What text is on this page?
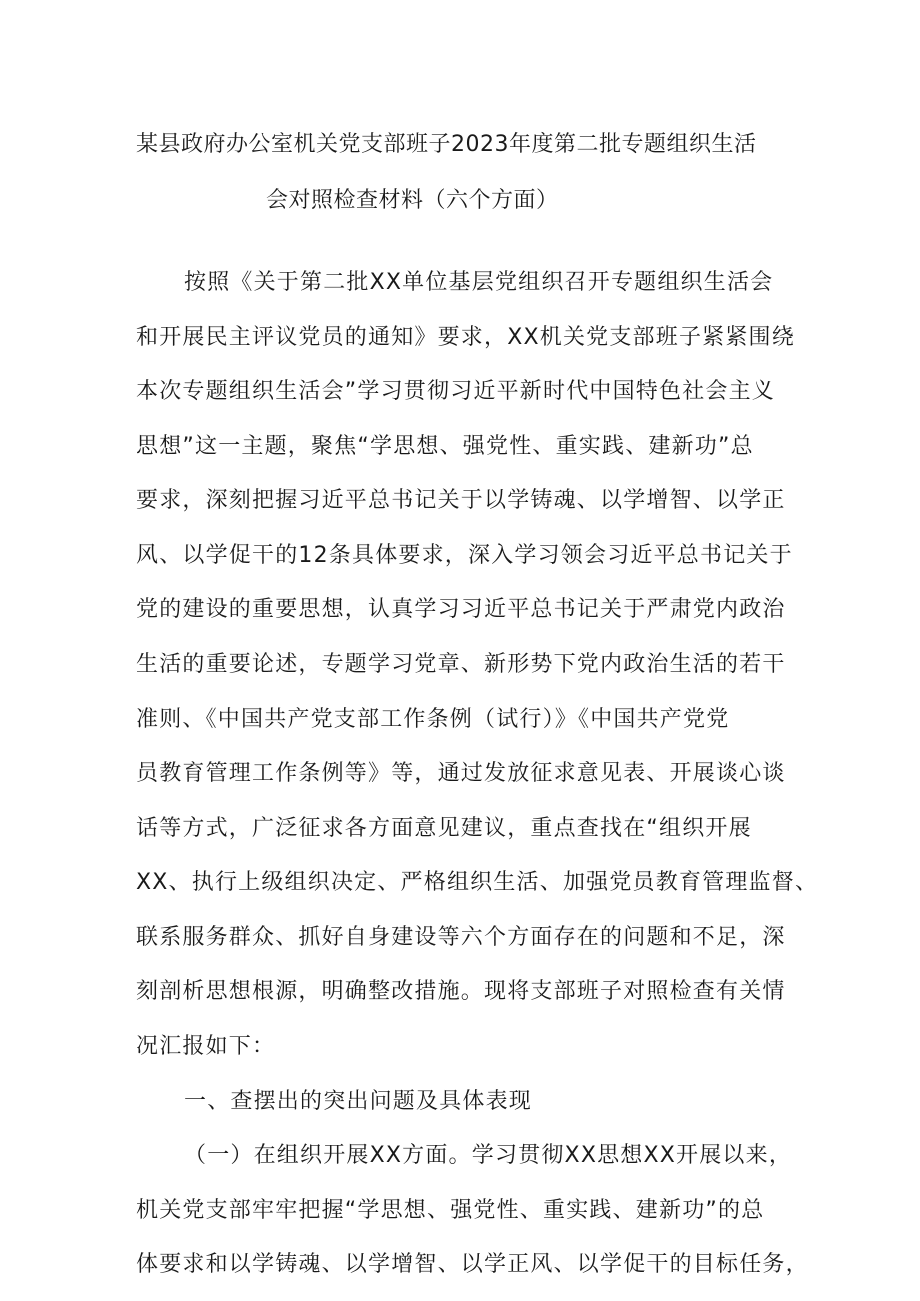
某县政府办公室机关党支部班子2023年度第二批专题组织生活
会对照检查材料（六个方面）
按照《关于第二批XX单位基层党组织召开专题组织生活会
和开展民主评议党员的通知》要求，XX机关党支部班子紧紧围绕
本次专题组织生活会”学习贯彻习近平新时代中国特色社会主义
思想”这一主题，聚焦“学思想、强党性、重实践、建新功”总
要求，深刻把握习近平总书记关于以学铸魂、以学增智、以学正
风、以学促干的12条具体要求，深入学习领会习近平总书记关于
党的建设的重要思想，认真学习习近平总书记关于严肃党内政治
生活的重要论述，专题学习党章、新形势下党内政治生活的若干
准则、《中国共产党支部工作条例（试行）》《中国共产党党
员教育管理工作条例等》等，通过发放征求意见表、开展谈心谈
话等方式，广泛征求各方面意见建议，重点查找在“组织开展
XX、执行上级组织决定、严格组织生活、加强党员教育管理监督、
联系服务群众、抓好自身建设等六个方面存在的问题和不足，深
刻剖析思想根源，明确整改措施。现将支部班子对照检查有关情
况汇报如下：
一、查摆出的突出问题及具体表现
（一）在组织开展XX方面。学习贯彻XX思想XX开展以来，
机关党支部牢牢把握“学思想、强党性、重实践、建新功”的总
体要求和以学铸魂、以学增智、以学正风、以学促干的目标任务，
